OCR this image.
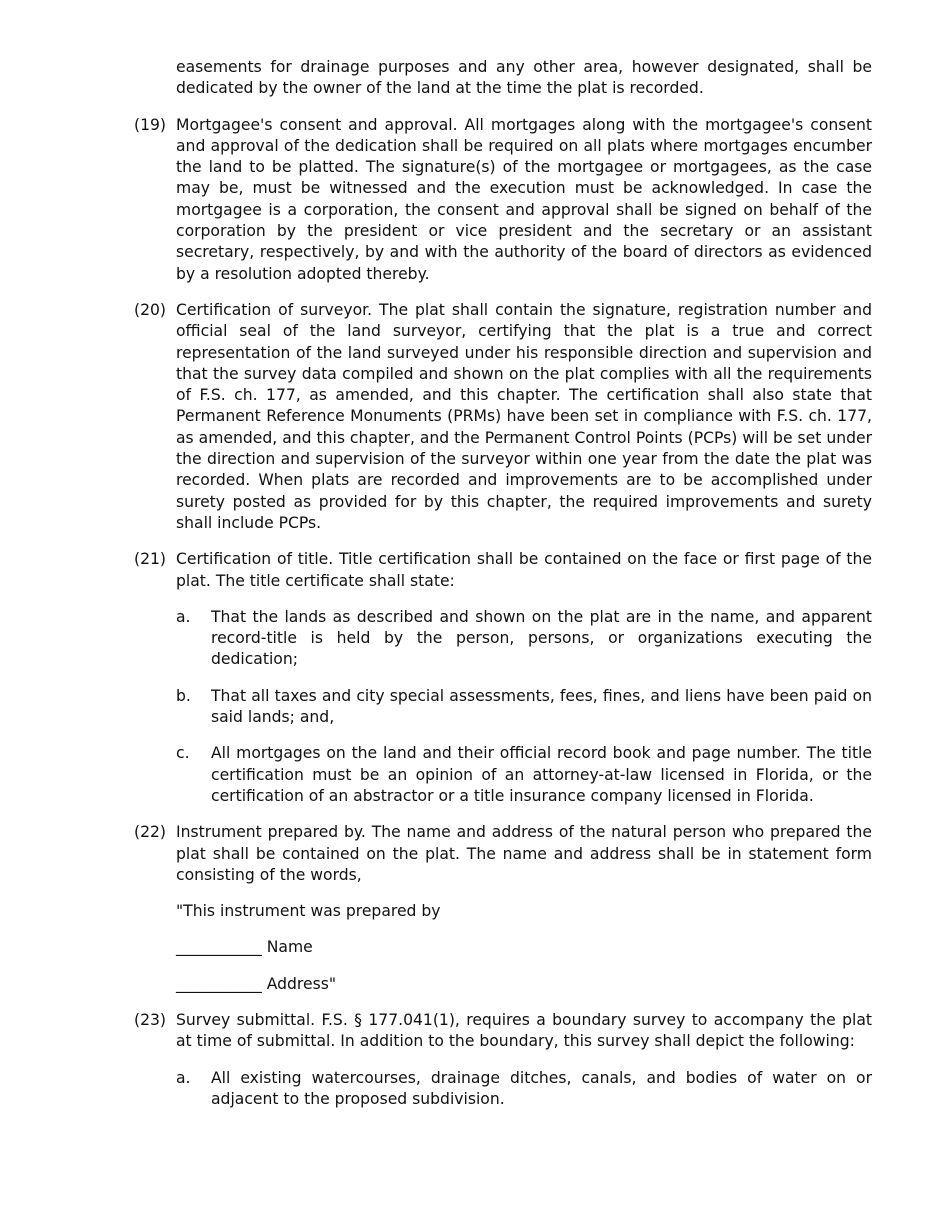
easements for drainage purposes and any other area, however designated, shall be dedicated by the owner of the land at the time the plat is recorded.
(19) Mortgagee's consent and approval. All mortgages along with the mortgagee's consent and approval of the dedication shall be required on all plats where mortgages encumber the land to be platted. The signature(s) of the mortgagee or mortgagees, as the case may be, must be witnessed and the execution must be acknowledged. In case the mortgagee is a corporation, the consent and approval shall be signed on behalf of the corporation by the president or vice president and the secretary or an assistant secretary, respectively, by and with the authority of the board of directors as evidenced by a resolution adopted thereby.
(20) Certification of surveyor. The plat shall contain the signature, registration number and official seal of the land surveyor, certifying that the plat is a true and correct representation of the land surveyed under his responsible direction and supervision and that the survey data compiled and shown on the plat complies with all the requirements of F.S. ch. 177, as amended, and this chapter. The certification shall also state that Permanent Reference Monuments (PRMs) have been set in compliance with F.S. ch. 177, as amended, and this chapter, and the Permanent Control Points (PCPs) will be set under the direction and supervision of the surveyor within one year from the date the plat was recorded. When plats are recorded and improvements are to be accomplished under surety posted as provided for by this chapter, the required improvements and surety shall include PCPs.
(21) Certification of title. Title certification shall be contained on the face or first page of the plat. The title certificate shall state:
a.	That the lands as described and shown on the plat are in the name, and apparent record-title is held by the person, persons, or organizations executing the dedication;
b.	That all taxes and city special assessments, fees, fines, and liens have been paid on said lands; and,
c.	All mortgages on the land and their official record book and page number. The title certification must be an opinion of an attorney-at-law licensed in Florida, or the certification of an abstractor or a title insurance company licensed in Florida.
(22) Instrument prepared by. The name and address of the natural person who prepared the plat shall be contained on the plat. The name and address shall be in statement form consisting of the words,
"This instrument was prepared by
___________ Name
___________ Address"
(23) Survey submittal. F.S. § 177.041(1), requires a boundary survey to accompany the plat at time of submittal. In addition to the boundary, this survey shall depict the following:
a.	All existing watercourses, drainage ditches, canals, and bodies of water on or adjacent to the proposed subdivision.
